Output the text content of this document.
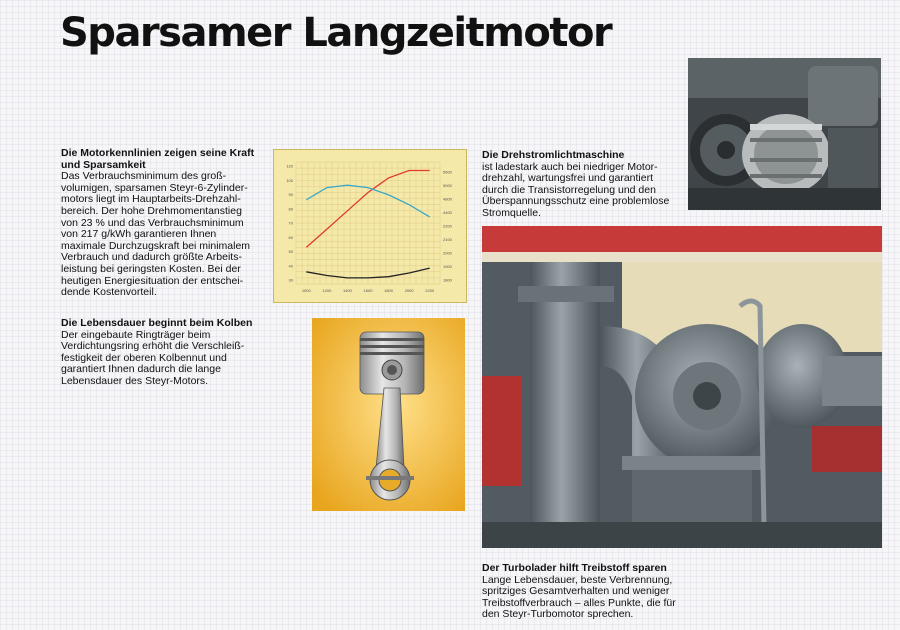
Sparsamer Langzeitmotor
Die Motorkennlinien zeigen seine Kraft und Sparsamkeit

Das Verbrauchsminimum des groß-
volumigen, sparsamen Steyr-6-Zylinder-
motors liegt im Hauptarbeits-Drehzahl-
bereich. Der hohe Drehmomentanstieg
von 23 % und das Verbrauchsminimum
von 217 g/kWh garantieren Ihnen
maximale Durchzugskraft bei minimalem
Verbrauch und dadurch größte Arbeits-
leistung bei geringsten Kosten. Bei der
heutigen Energiesituation der entschei-
dende Kostenvorteil.

Die Lebensdauer beginnt beim Kolben

Der eingebaute Ringträger beim
Verdichtungsring erhöht die Verschleiß-
festigkeit der oberen Kolbennut und
garantiert Ihnen dadurch die lange
Lebensdauer des Steyr-Motors.

Die Drehstromlichtmaschine

ist ladestark auch bei niedriger Motor-
drehzahl, wartungsfrei und garantiert
durch die Transistorregelung und den
Überspannungsschutz eine problemlose
Stromquelle.

Der Turbolader hilft Treibstoff sparen

Lange Lebensdauer, beste Verbrennung,
spritziges Gesamtverhalten und weniger
Treibstoffverbrauch – alles Punkte, die für
den Steyr-Turbomotor sprechen.

120
100
90
80
70
60
50
40
30
5600
5000
4800
4400
2200
2100
2000
1900
1800
1000	1200	1400	1600	1800	2000	2200
